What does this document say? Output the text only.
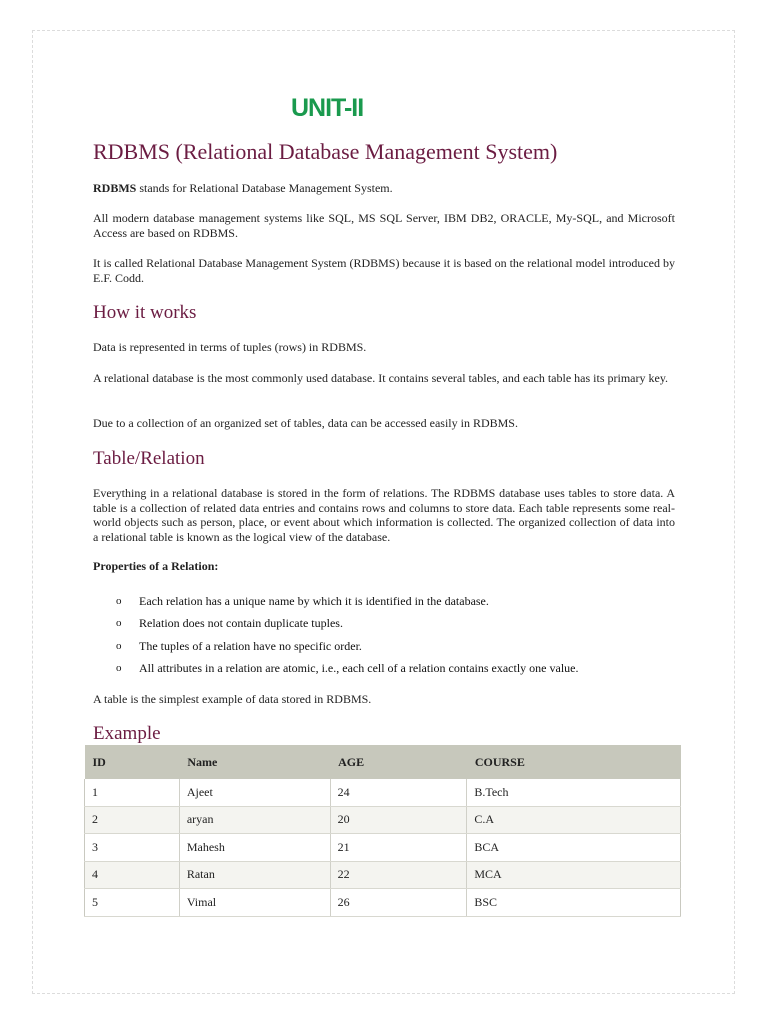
UNIT-II
RDBMS (Relational Database Management System)

RDBMS stands for Relational Database Management System.

All modern database management systems like SQL, MS SQL Server, IBM DB2, ORACLE, My-SQL, and Microsoft Access are based on RDBMS.

It is called Relational Database Management System (RDBMS) because it is based on the relational model introduced by E.F. Codd.

How it works

Data is represented in terms of tuples (rows) in RDBMS.

A relational database is the most commonly used database. It contains several tables, and each table has its primary key.

Due to a collection of an organized set of tables, data can be accessed easily in RDBMS.

Table/Relation

Everything in a relational database is stored in the form of relations. The RDBMS database uses tables to store data. A table is a collection of related data entries and contains rows and columns to store data. Each table represents some real-world objects such as person, place, or event about which information is collected. The organized collection of data into a relational table is known as the logical view of the database.

Properties of a Relation:

o Each relation has a unique name by which it is identified in the database.
o Relation does not contain duplicate tuples.
o The tuples of a relation have no specific order.
o All attributes in a relation are atomic, i.e., each cell of a relation contains exactly one value.

A table is the simplest example of data stored in RDBMS.

Example
ID	Name	AGE	COURSE
1	Ajeet	24	B.Tech
2	aryan	20	C.A
3	Mahesh	21	BCA
4	Ratan	22	MCA
5	Vimal	26	BSC
